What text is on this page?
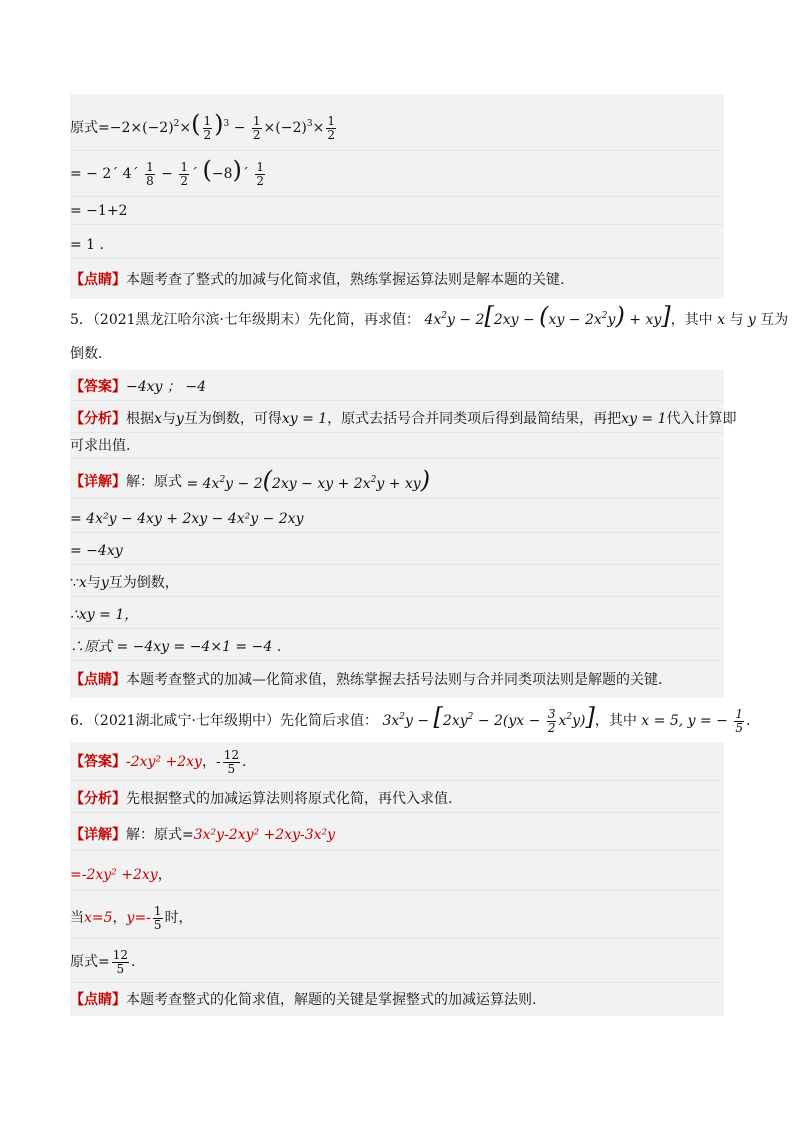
原式= $-2\times(-2)^2\times( \frac{1}{2} )^3 - \frac{1}{2} \times(-2)^3\times \frac{1}{2}$
= − 2´ 4´
$\frac{1}{8} - \frac{1}{2}$ ´ (−8)´ $\frac{1}{2}$
= −1+2
= 1 .
【点睛】 本题考查了整式的加减与化简求值，熟练掌握运算法则是解本题的关键.
5．（2021黑龙江哈尔滨·七年级期末）先化简，再求值： $4x^2y - 2[2xy - (xy - 2x^2y) + xy]$，其中 x 与 y 互为
倒数．
【答案】 −4xy ； −4
【分析】 根据 x 与 y 互为倒数，可得 xy = 1 ，原式去括号合并同类项后得到最简结果，再把 xy = 1 代入计算即
可求出值.
【详解】 解：原式 = $4x^2y - 2(2xy$ − xy + $2x^2y + xy$)
= 4x²y − 4xy + 2xy − 4x²y − 2xy
= −4xy
∵ x 与 y 互为倒数，
∴xy = 1，
∴原式 = −4xy = −4×1 = −4 .
【点睛】 本题考查整式的加减—化简求值，熟练掌握去括号法则与合并同类项法则是解题的关键.
6．（2021湖北咸宁·七年级期中）先化简后求值： $3x^2y - [2xy^2 - 2(yx - \frac{3}{2} x^2y)]$，其中 x = 5, y = − $\frac{1}{5}$ .
【答案】 -2xy² +2xy ，- $\frac{12}{5}$ .
【分析】 先根据整式的加减运算法则将原式化简，再代入求值.
【详解】 解：原式= 3x²y-2xy² +2xy-3x²y
=-2xy² +2xy ，
当 x=5 ， $y=- \frac{1}{5}$ 时，
原式= $\frac{12}{5}$ .
【点睛】 本题考查整式的化简求值，解题的关键是掌握整式的加减运算法则.
